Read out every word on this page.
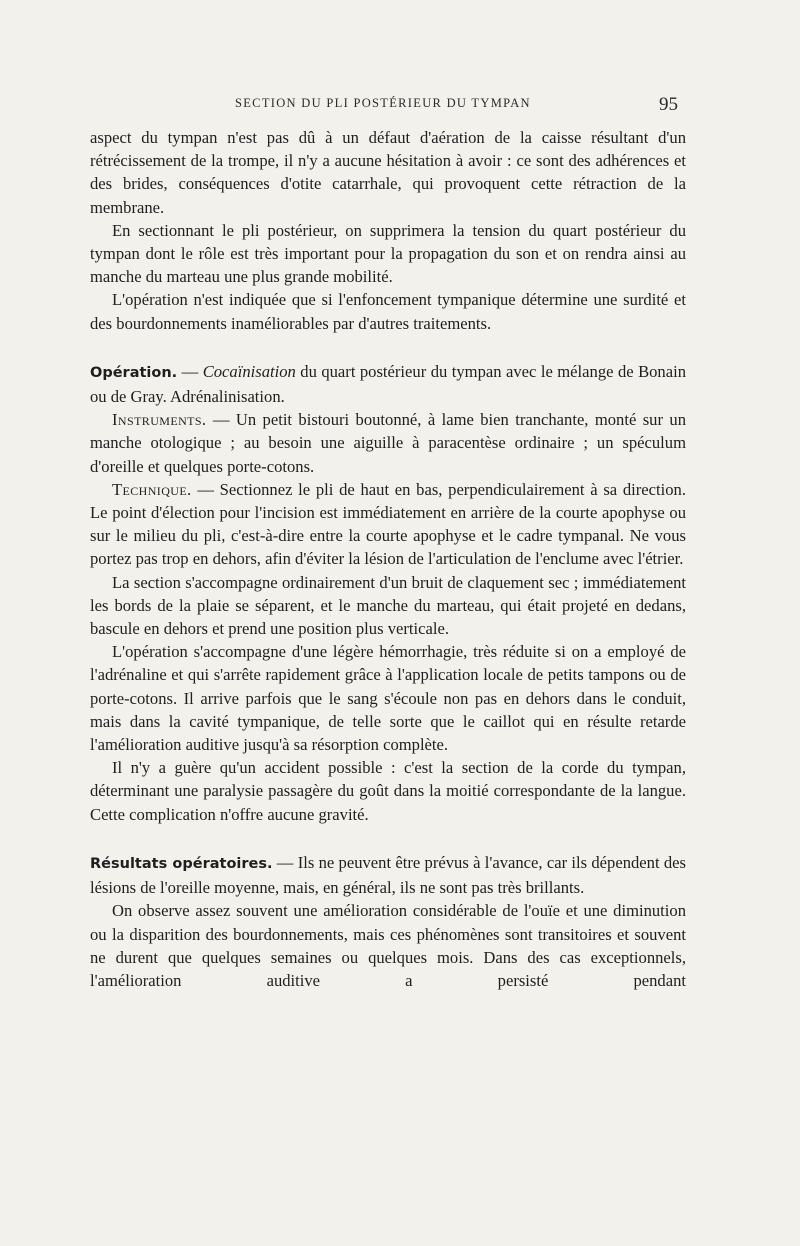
SECTION DU PLI POSTÉRIEUR DU TYMPAN	95

aspect du tympan n'est pas dû à un défaut d'aération de la caisse résultant d'un rétrécissement de la trompe, il n'y a aucune hésitation à avoir : ce sont des adhérences et des brides, conséquences d'otite catarrhale, qui provoquent cette rétraction de la membrane.

En sectionnant le pli postérieur, on supprimera la tension du quart postérieur du tympan dont le rôle est très important pour la propagation du son et on rendra ainsi au manche du marteau une plus grande mobilité.

L'opération n'est indiquée que si l'enfoncement tympanique détermine une surdité et des bourdonnements inaméliorables par d'autres traitements.

Opération. — Cocaïnisation du quart postérieur du tympan avec le mélange de Bonain ou de Gray. Adrénalinisation.

Instruments. — Un petit bistouri boutonné, à lame bien tranchante, monté sur un manche otologique ; au besoin une aiguille à paracentèse ordinaire ; un spéculum d'oreille et quelques porte-cotons.

Technique. — Sectionnez le pli de haut en bas, perpendiculairement à sa direction. Le point d'élection pour l'incision est immédiatement en arrière de la courte apophyse ou sur le milieu du pli, c'est-à-dire entre la courte apophyse et le cadre tympanal. Ne vous portez pas trop en dehors, afin d'éviter la lésion de l'articulation de l'enclume avec l'étrier.

La section s'accompagne ordinairement d'un bruit de claquement sec ; immédiatement les bords de la plaie se séparent, et le manche du marteau, qui était projeté en dedans, bascule en dehors et prend une position plus verticale.

L'opération s'accompagne d'une légère hémorrhagie, très réduite si on a employé de l'adrénaline et qui s'arrête rapidement grâce à l'application locale de petits tampons ou de porte-cotons. Il arrive parfois que le sang s'écoule non pas en dehors dans le conduit, mais dans la cavité tympanique, de telle sorte que le caillot qui en résulte retarde l'amélioration auditive jusqu'à sa résorption complète.

Il n'y a guère qu'un accident possible : c'est la section de la corde du tympan, déterminant une paralysie passagère du goût dans la moitié correspondante de la langue. Cette complication n'offre aucune gravité.

Résultats opératoires. — Ils ne peuvent être prévus à l'avance, car ils dépendent des lésions de l'oreille moyenne, mais, en général, ils ne sont pas très brillants.

On observe assez souvent une amélioration considérable de l'ouïe et une diminution ou la disparition des bourdonnements, mais ces phénomènes sont transitoires et souvent ne durent que quelques semaines ou quelques mois. Dans des cas exceptionnels, l'amélioration auditive a persisté pendant
